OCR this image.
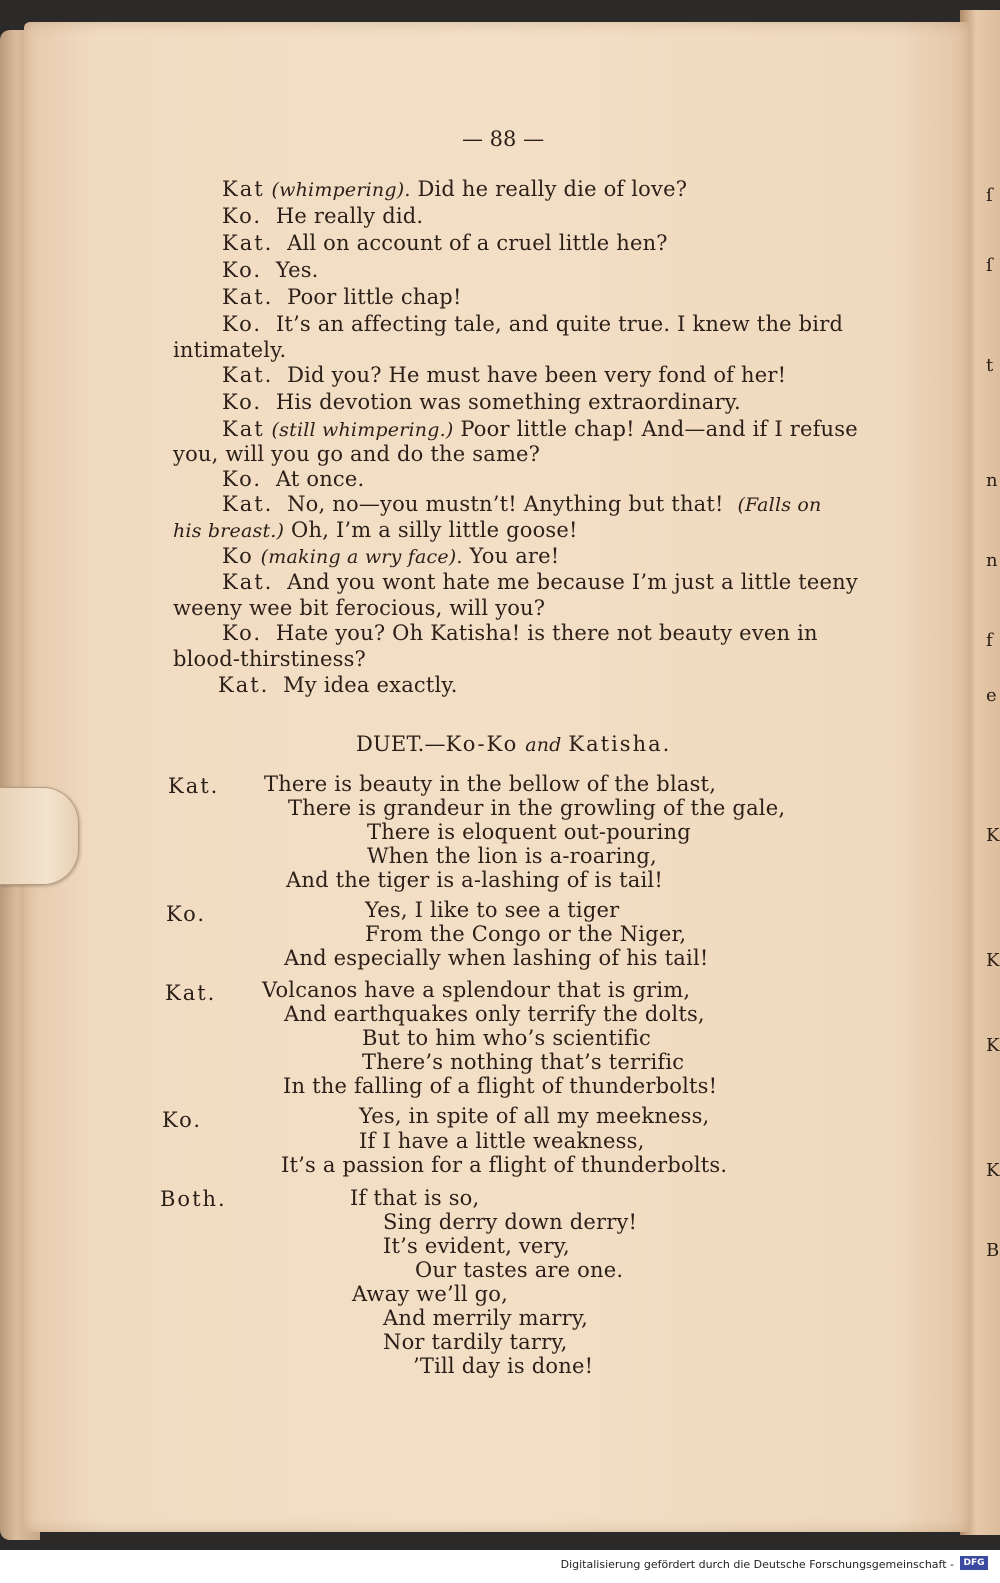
ſ
ſ
t
n
n
f
e
K
K
K
K
B
— 88 —
Kat (whimpering). Did he really die of love?
Ko. He really did.
Kat. All on account of a cruel little hen?
Ko. Yes.
Kat. Poor little chap!
Ko. It’s an affecting tale, and quite true. I knew the bird
intimately.
Kat. Did you? He must have been very fond of her!
Ko. His devotion was something extraordinary.
Kat (still whimpering.) Poor little chap! And—and if I refuse
you, will you go and do the same?
Ko. At once.
Kat. No, no—you mustn’t! Anything but that! (Falls on
his breast.) Oh, I’m a silly little goose!
Ko (making a wry face). You are!
Kat. And you wont hate me because I’m just a little teeny
weeny wee bit ferocious, will you?
Ko. Hate you? Oh Katisha! is there not beauty even in
blood-thirstiness?
Kat. My idea exactly.
DUET.—Ko-Ko and Katisha.
Kat. There is beauty in the bellow of the blast,
There is grandeur in the growling of the gale,
There is eloquent out-pouring
When the lion is a-roaring,
And the tiger is a-lashing of is tail!
Ko.	Yes, I like to see a tiger
From the Congo or the Niger,
And especially when lashing of his tail!
Kat. Volcanos have a splendour that is grim,
And earthquakes only terrify the dolts,
But to him who’s scientific
There’s nothing that’s terrific
In the falling of a flight of thunderbolts!
Ko.	Yes, in spite of all my meekness,
If I have a little weakness,
It’s a passion for a flight of thunderbolts.
Both.	If that is so,
Sing derry down derry!
It’s evident, very,
Our tastes are one.
Away we’ll go,
And merrily marry,
Nor tardily tarry,
’Till day is done!
Digitalisierung gefördert durch die Deutsche Forschungsgemeinschaft -	DFG
